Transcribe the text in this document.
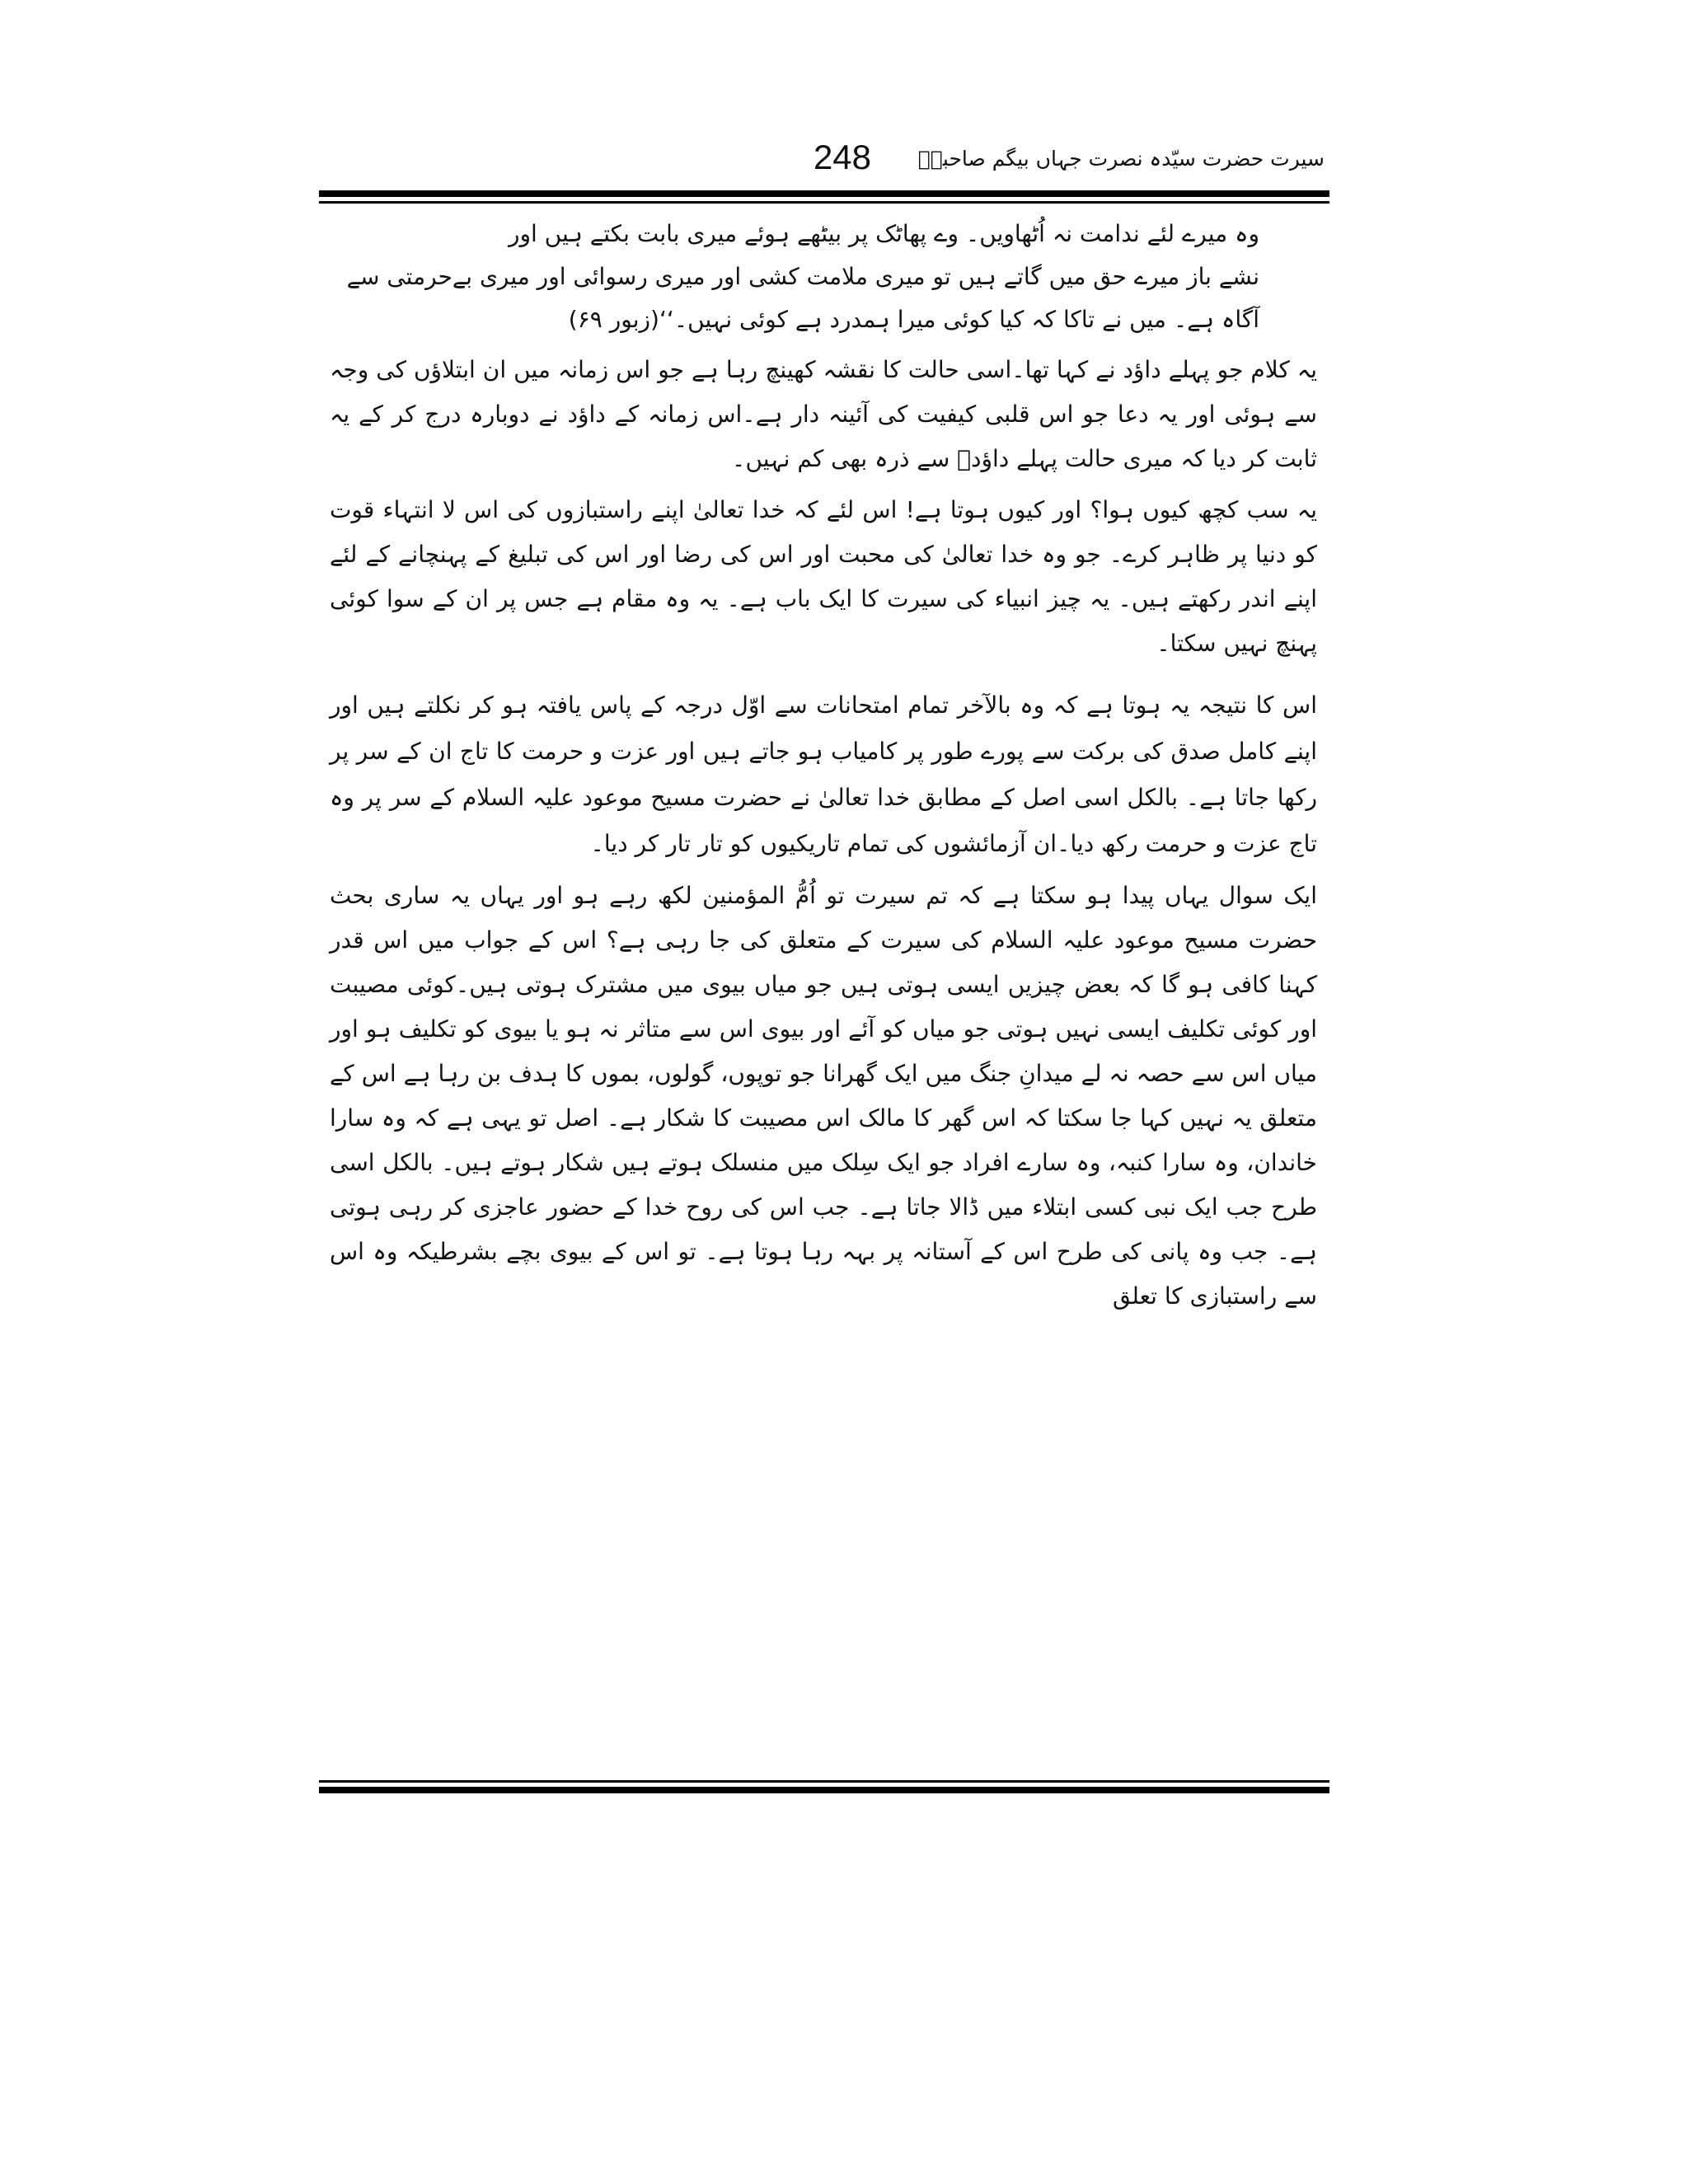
248	سیرت حضرت سیّدہ نصرت جہاں بیگم صاحبہؓ

وہ میرے لئے ندامت نہ اُٹھاویں۔ وے پھاٹک پر بیٹھے ہوئے میری بابت بکتے ہیں اور

نشے باز میرے حق میں گاتے ہیں تو میری ملامت کشی اور میری رسوائی اور میری بےحرمتی سے

آگاہ ہے۔ میں نے تاکا کہ کیا کوئی میرا ہمدرد ہے کوئی نہیں۔‘‘(زبور ۶۹)

یہ کلام جو پہلے داؤد نے کہا تھا۔اسی حالت کا نقشہ کھینچ رہا ہے جو اس زمانہ میں ان ابتلاؤں کی وجہ سے ہوئی اور یہ دعا جو اس قلبی کیفیت کی آئینہ دار ہے۔اس زمانہ کے داؤد نے دوبارہ درج کر کے یہ ثابت کر دیا کہ میری حالت پہلے داؤدؑ سے ذرہ بھی کم نہیں۔

یہ سب کچھ کیوں ہوا؟ اور کیوں ہوتا ہے! اس لئے کہ خدا تعالیٰ اپنے راستبازوں کی اس لا انتہاء قوت کو دنیا پر ظاہر کرے۔ جو وہ خدا تعالیٰ کی محبت اور اس کی رضا اور اس کی تبلیغ کے پہنچانے کے لئے اپنے اندر رکھتے ہیں۔ یہ چیز انبیاء کی سیرت کا ایک باب ہے۔ یہ وہ مقام ہے جس پر ان کے سوا کوئی پہنچ نہیں سکتا۔

اس کا نتیجہ یہ ہوتا ہے کہ وہ بالآخر تمام امتحانات سے اوّل درجہ کے پاس یافتہ ہو کر نکلتے ہیں اور اپنے کامل صدق کی برکت سے پورے طور پر کامیاب ہو جاتے ہیں اور عزت و حرمت کا تاج ان کے سر پر رکھا جاتا ہے۔ بالکل اسی اصل کے مطابق خدا تعالیٰ نے حضرت مسیح موعود علیہ السلام کے سر پر وہ تاج عزت و حرمت رکھ دیا۔ان آزمائشوں کی تمام تاریکیوں کو تار تار کر دیا۔

ایک سوال یہاں پیدا ہو سکتا ہے کہ تم سیرت تو اُمُّ المؤمنین لکھ رہے ہو اور یہاں یہ ساری بحث حضرت مسیح موعود علیہ السلام کی سیرت کے متعلق کی جا رہی ہے؟ اس کے جواب میں اس قدر کہنا کافی ہو گا کہ بعض چیزیں ایسی ہوتی ہیں جو میاں بیوی میں مشترک ہوتی ہیں۔کوئی مصیبت اور کوئی تکلیف ایسی نہیں ہوتی جو میاں کو آئے اور بیوی اس سے متاثر نہ ہو یا بیوی کو تکلیف ہو اور میاں اس سے حصہ نہ لے میدانِ جنگ میں ایک گھرانا جو توپوں، گولوں، بموں کا ہدف بن رہا ہے اس کے متعلق یہ نہیں کہا جا سکتا کہ اس گھر کا مالک اس مصیبت کا شکار ہے۔ اصل تو یہی ہے کہ وہ سارا خاندان، وہ سارا کنبہ، وہ سارے افراد جو ایک سِلک میں منسلک ہوتے ہیں شکار ہوتے ہیں۔ بالکل اسی طرح جب ایک نبی کسی ابتلاء میں ڈالا جاتا ہے۔ جب اس کی روح خدا کے حضور عاجزی کر رہی ہوتی ہے۔ جب وہ پانی کی طرح اس کے آستانہ پر بہہ رہا ہوتا ہے۔ تو اس کے بیوی بچے بشرطیکہ وہ اس سے راستبازی کا تعلق
